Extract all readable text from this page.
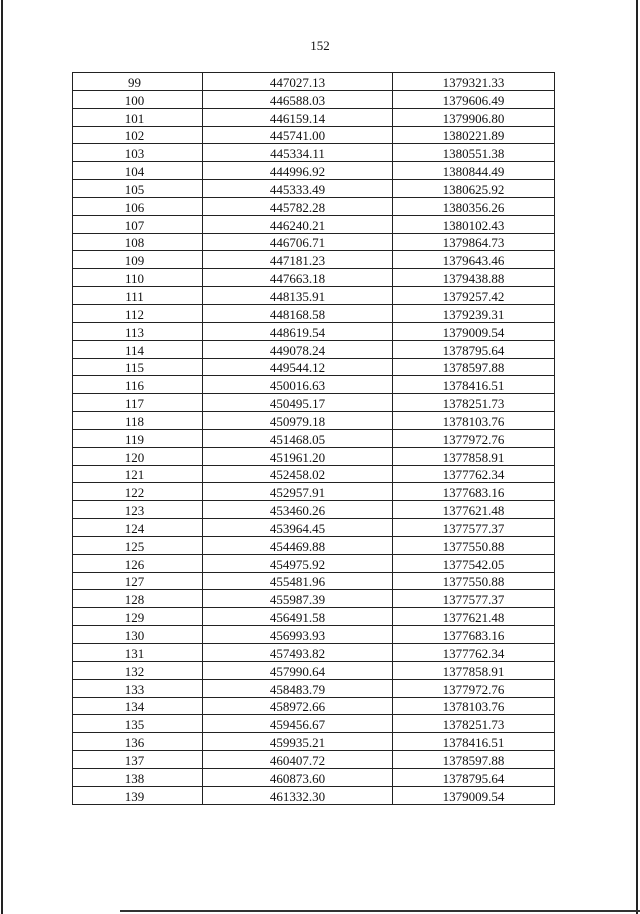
152
99	447027.13	1379321.33
100	446588.03	1379606.49
101	446159.14	1379906.80
102	445741.00	1380221.89
103	445334.11	1380551.38
104	444996.92	1380844.49
105	445333.49	1380625.92
106	445782.28	1380356.26
107	446240.21	1380102.43
108	446706.71	1379864.73
109	447181.23	1379643.46
110	447663.18	1379438.88
111	448135.91	1379257.42
112	448168.58	1379239.31
113	448619.54	1379009.54
114	449078.24	1378795.64
115	449544.12	1378597.88
116	450016.63	1378416.51
117	450495.17	1378251.73
118	450979.18	1378103.76
119	451468.05	1377972.76
120	451961.20	1377858.91
121	452458.02	1377762.34
122	452957.91	1377683.16
123	453460.26	1377621.48
124	453964.45	1377577.37
125	454469.88	1377550.88
126	454975.92	1377542.05
127	455481.96	1377550.88
128	455987.39	1377577.37
129	456491.58	1377621.48
130	456993.93	1377683.16
131	457493.82	1377762.34
132	457990.64	1377858.91
133	458483.79	1377972.76
134	458972.66	1378103.76
135	459456.67	1378251.73
136	459935.21	1378416.51
137	460407.72	1378597.88
138	460873.60	1378795.64
139	461332.30	1379009.54
